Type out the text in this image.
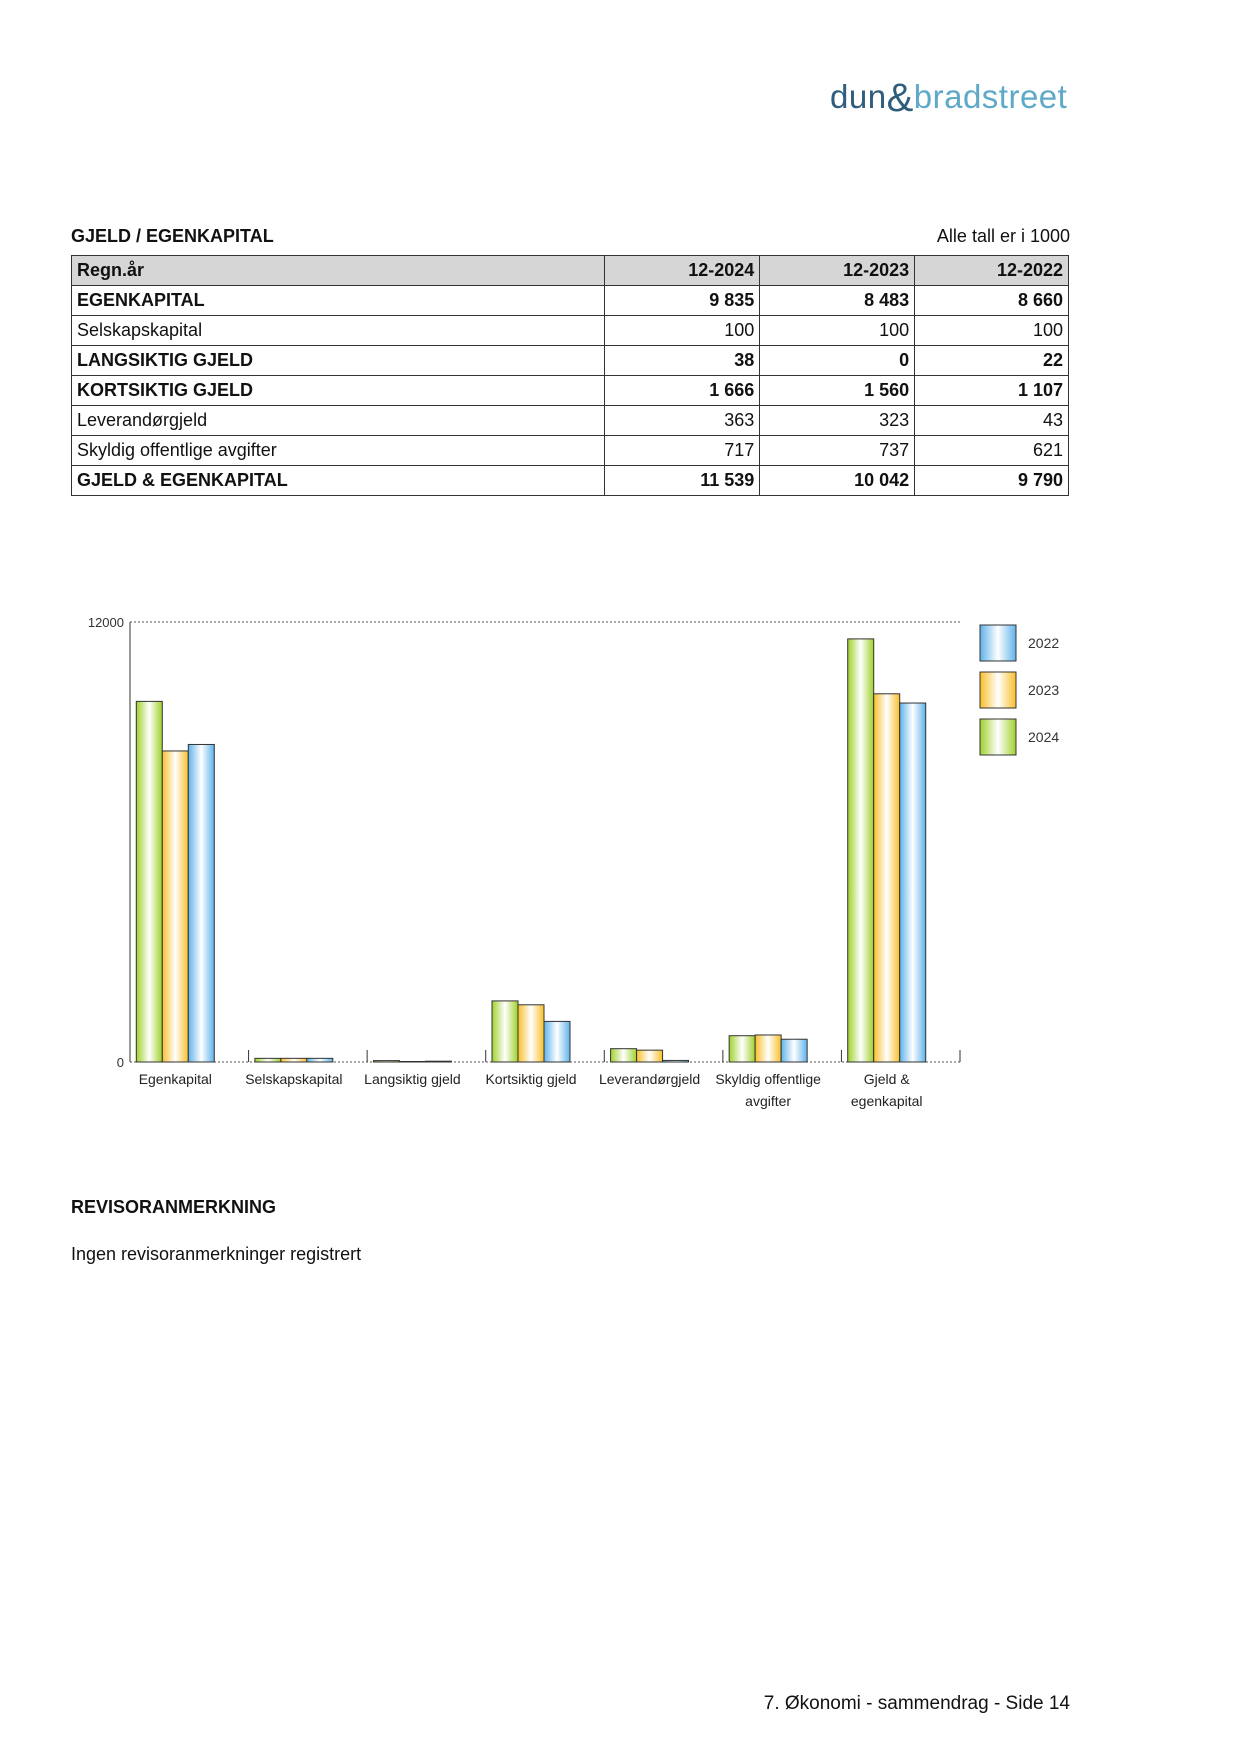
dun&bradstreet
GJELD / EGENKAPITAL	Alle tall er i 1000
Regn.år	12-2024	12-2023	12-2022
EGENKAPITAL	9 835	8 483	8 660
Selskapskapital	100	100	100
LANGSIKTIG GJELD	38	0	22
KORTSIKTIG GJELD	1 666	1 560	1 107
Leverandørgjeld	363	323	43
Skyldig offentlige avgifter	717	737	621
GJELD & EGENKAPITAL	11 539	10 042	9 790
0
12000
Egenkapital Selskapskapital Langsiktig gjeld Kortsiktig gjeld Leverandørgjeld Skyldig offentlige
avgifter
Gjeld &
egenkapital
2022
2023
2024
REVISORANMERKNING
Ingen revisoranmerkninger registrert
7. Økonomi - sammendrag - Side 14
